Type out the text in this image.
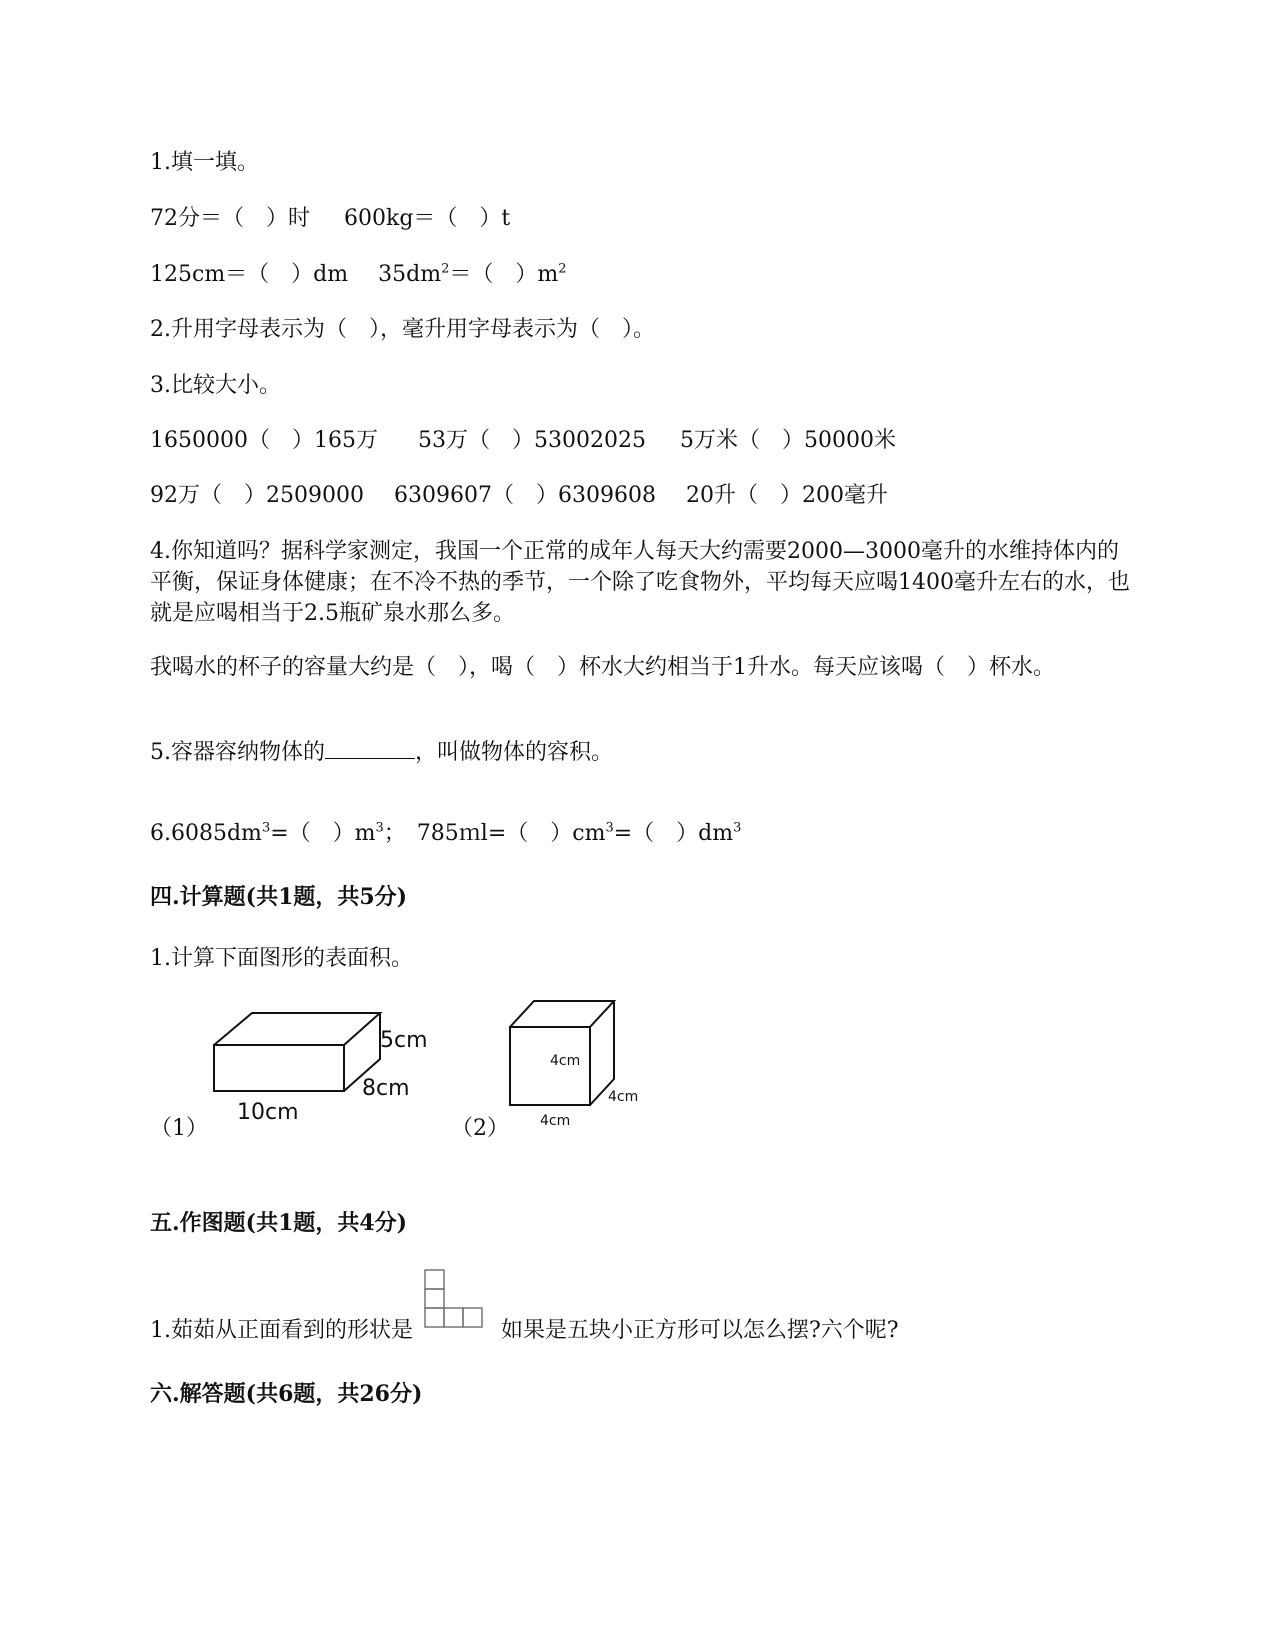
1.填一填。
72分＝（　）时 600kg＝（　）t
125cm＝（　）dm $35dm^2=$（　）$m^2$
2.升用字母表示为（　），毫升用字母表示为（　）。
3.比较大小。
1650000（　）165万 53万（　）53002025 5万米（　）50000米
92万（　）2509000 6309607（　）6309608 20升（　）200毫升
4.你知道吗？据科学家测定，我国一个正常的成年人每天大约需要2000—3000毫升的水维持体内的平衡，保证身体健康；在不冷不热的季节，一个除了吃食物外，平均每天应喝1400毫升左右的水，也就是应喝相当于2.5瓶矿泉水那么多。
我喝水的杯子的容量大约是（　），喝（　）杯水大约相当于1升水。每天应该喝（　）杯水。
5.容器容纳物体的	，叫做物体的容积。
$6.6085dm^3=$（　）$m^3$；　785ｍl=（　）$cm^3=$（　）$dm^3$
四.计算题(共1题，共5分)
1.计算下面图形的表面积。
（1）
5cm
8cm
10cm
（2）
4cm
4cm
4cm
五.作图题(共1题，共4分)
1.茹茹从正面看到的形状是	如果是五块小正方形可以怎么摆?六个呢?
六.解答题(共6题，共26分)
